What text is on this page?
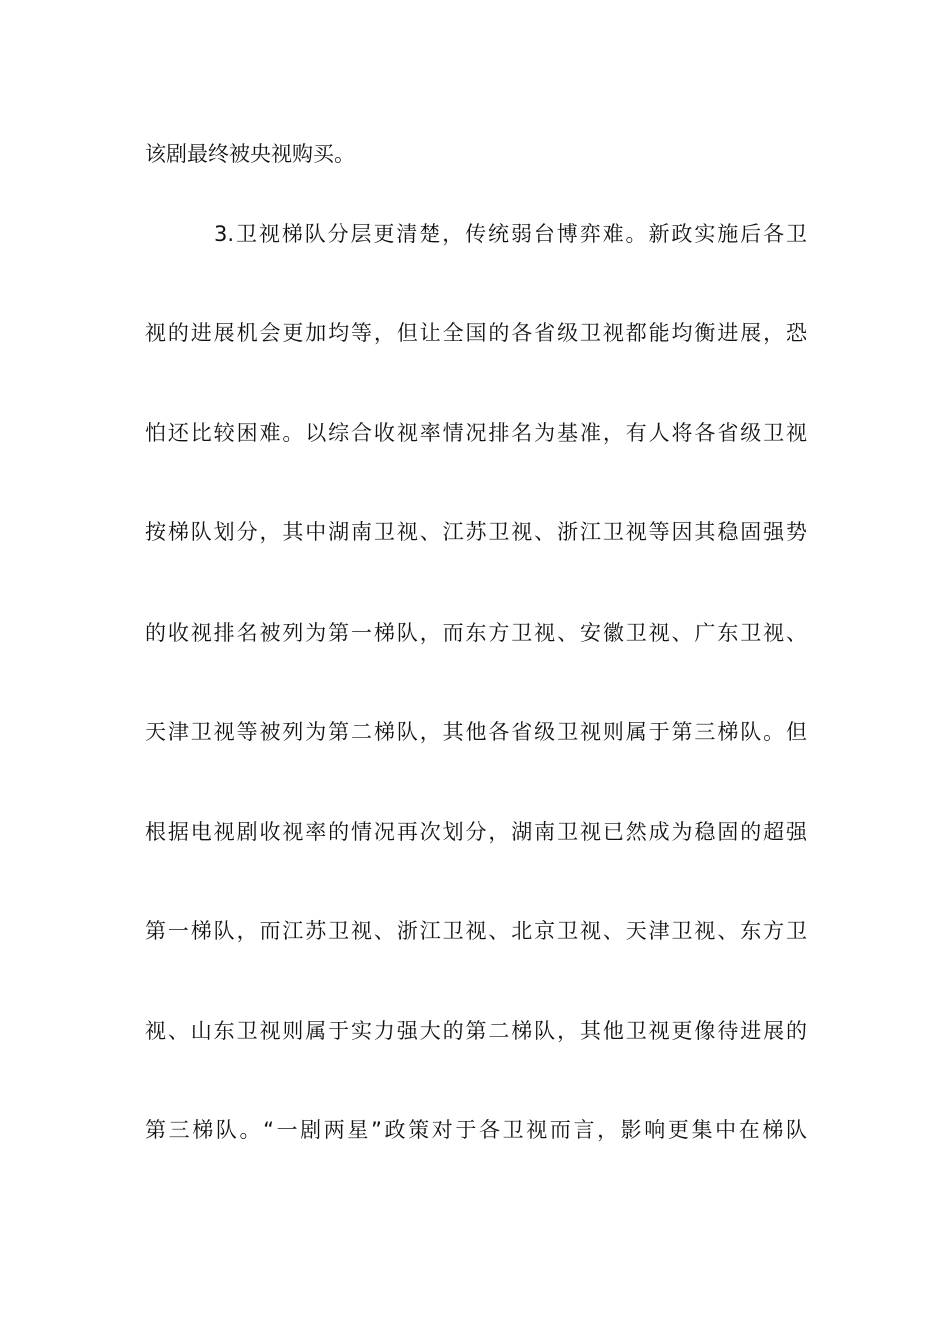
该剧最终被央视购买。
3.卫视梯队分层更清楚，传统弱台博弈难。新政实施后各卫
视的进展机会更加均等，但让全国的各省级卫视都能均衡进展，恐
怕还比较困难。以综合收视率情况排名为基准，有人将各省级卫视
按梯队划分，其中湖南卫视、江苏卫视、浙江卫视等因其稳固强势
的收视排名被列为第一梯队，而东方卫视、安徽卫视、广东卫视、
天津卫视等被列为第二梯队，其他各省级卫视则属于第三梯队。但
根据电视剧收视率的情况再次划分，湖南卫视已然成为稳固的超强
第一梯队，而江苏卫视、浙江卫视、北京卫视、天津卫视、东方卫
视、山东卫视则属于实力强大的第二梯队，其他卫视更像待进展的
第三梯队。“一剧两星”政策对于各卫视而言，影响更集中在梯队
